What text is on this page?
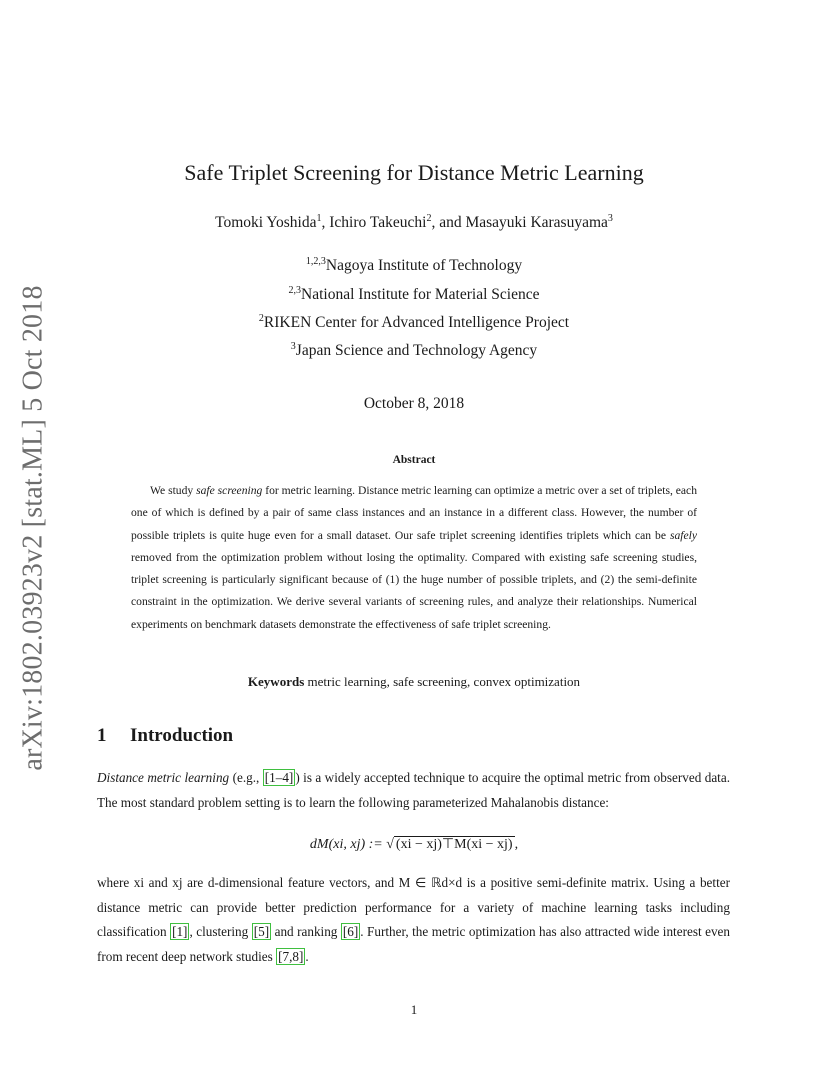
arXiv:1802.03923v2 [stat.ML] 5 Oct 2018
Safe Triplet Screening for Distance Metric Learning
Tomoki Yoshida$^1$, Ichiro Takeuchi$^2$, and Masayuki Karasuyama$^3$
$^{1,2,3}$Nagoya Institute of Technology
$^{2,3}$National Institute for Material Science
$^2$RIKEN Center for Advanced Intelligence Project
$^3$Japan Science and Technology Agency
October 8, 2018
Abstract

We study safe screening for metric learning. Distance metric learning can optimize a metric over a set of triplets, each one of which is defined by a pair of same class instances and an instance in a different class. However, the number of possible triplets is quite huge even for a small dataset. Our safe triplet screening identifies triplets which can be safely removed from the optimization problem without losing the optimality. Compared with existing safe screening studies, triplet screening is particularly significant because of (1) the huge number of possible triplets, and (2) the semi-definite constraint in the optimization. We derive several variants of screening rules, and analyze their relationships. Numerical experiments on benchmark datasets demonstrate the effectiveness of safe triplet screening.

Keywords metric learning, safe screening, convex optimization
1 Introduction

Distance metric learning (e.g., [1–4] ) is a widely accepted technique to acquire the optimal metric from observed data. The most standard problem setting is to learn the following parameterized Mahalanobis distance:

dM(xi, xj) := √ (xi − xj)⊤M(xi − xj) ,

where xi and xj are d-dimensional feature vectors, and M ∈ ℝd×d is a positive semi-definite matrix. Using a better distance metric can provide better prediction performance for a variety of machine learning tasks including classification [1] , clustering [5] and ranking [6] . Further, the metric optimization has also attracted wide interest even from recent deep network studies [7,8] .

1
